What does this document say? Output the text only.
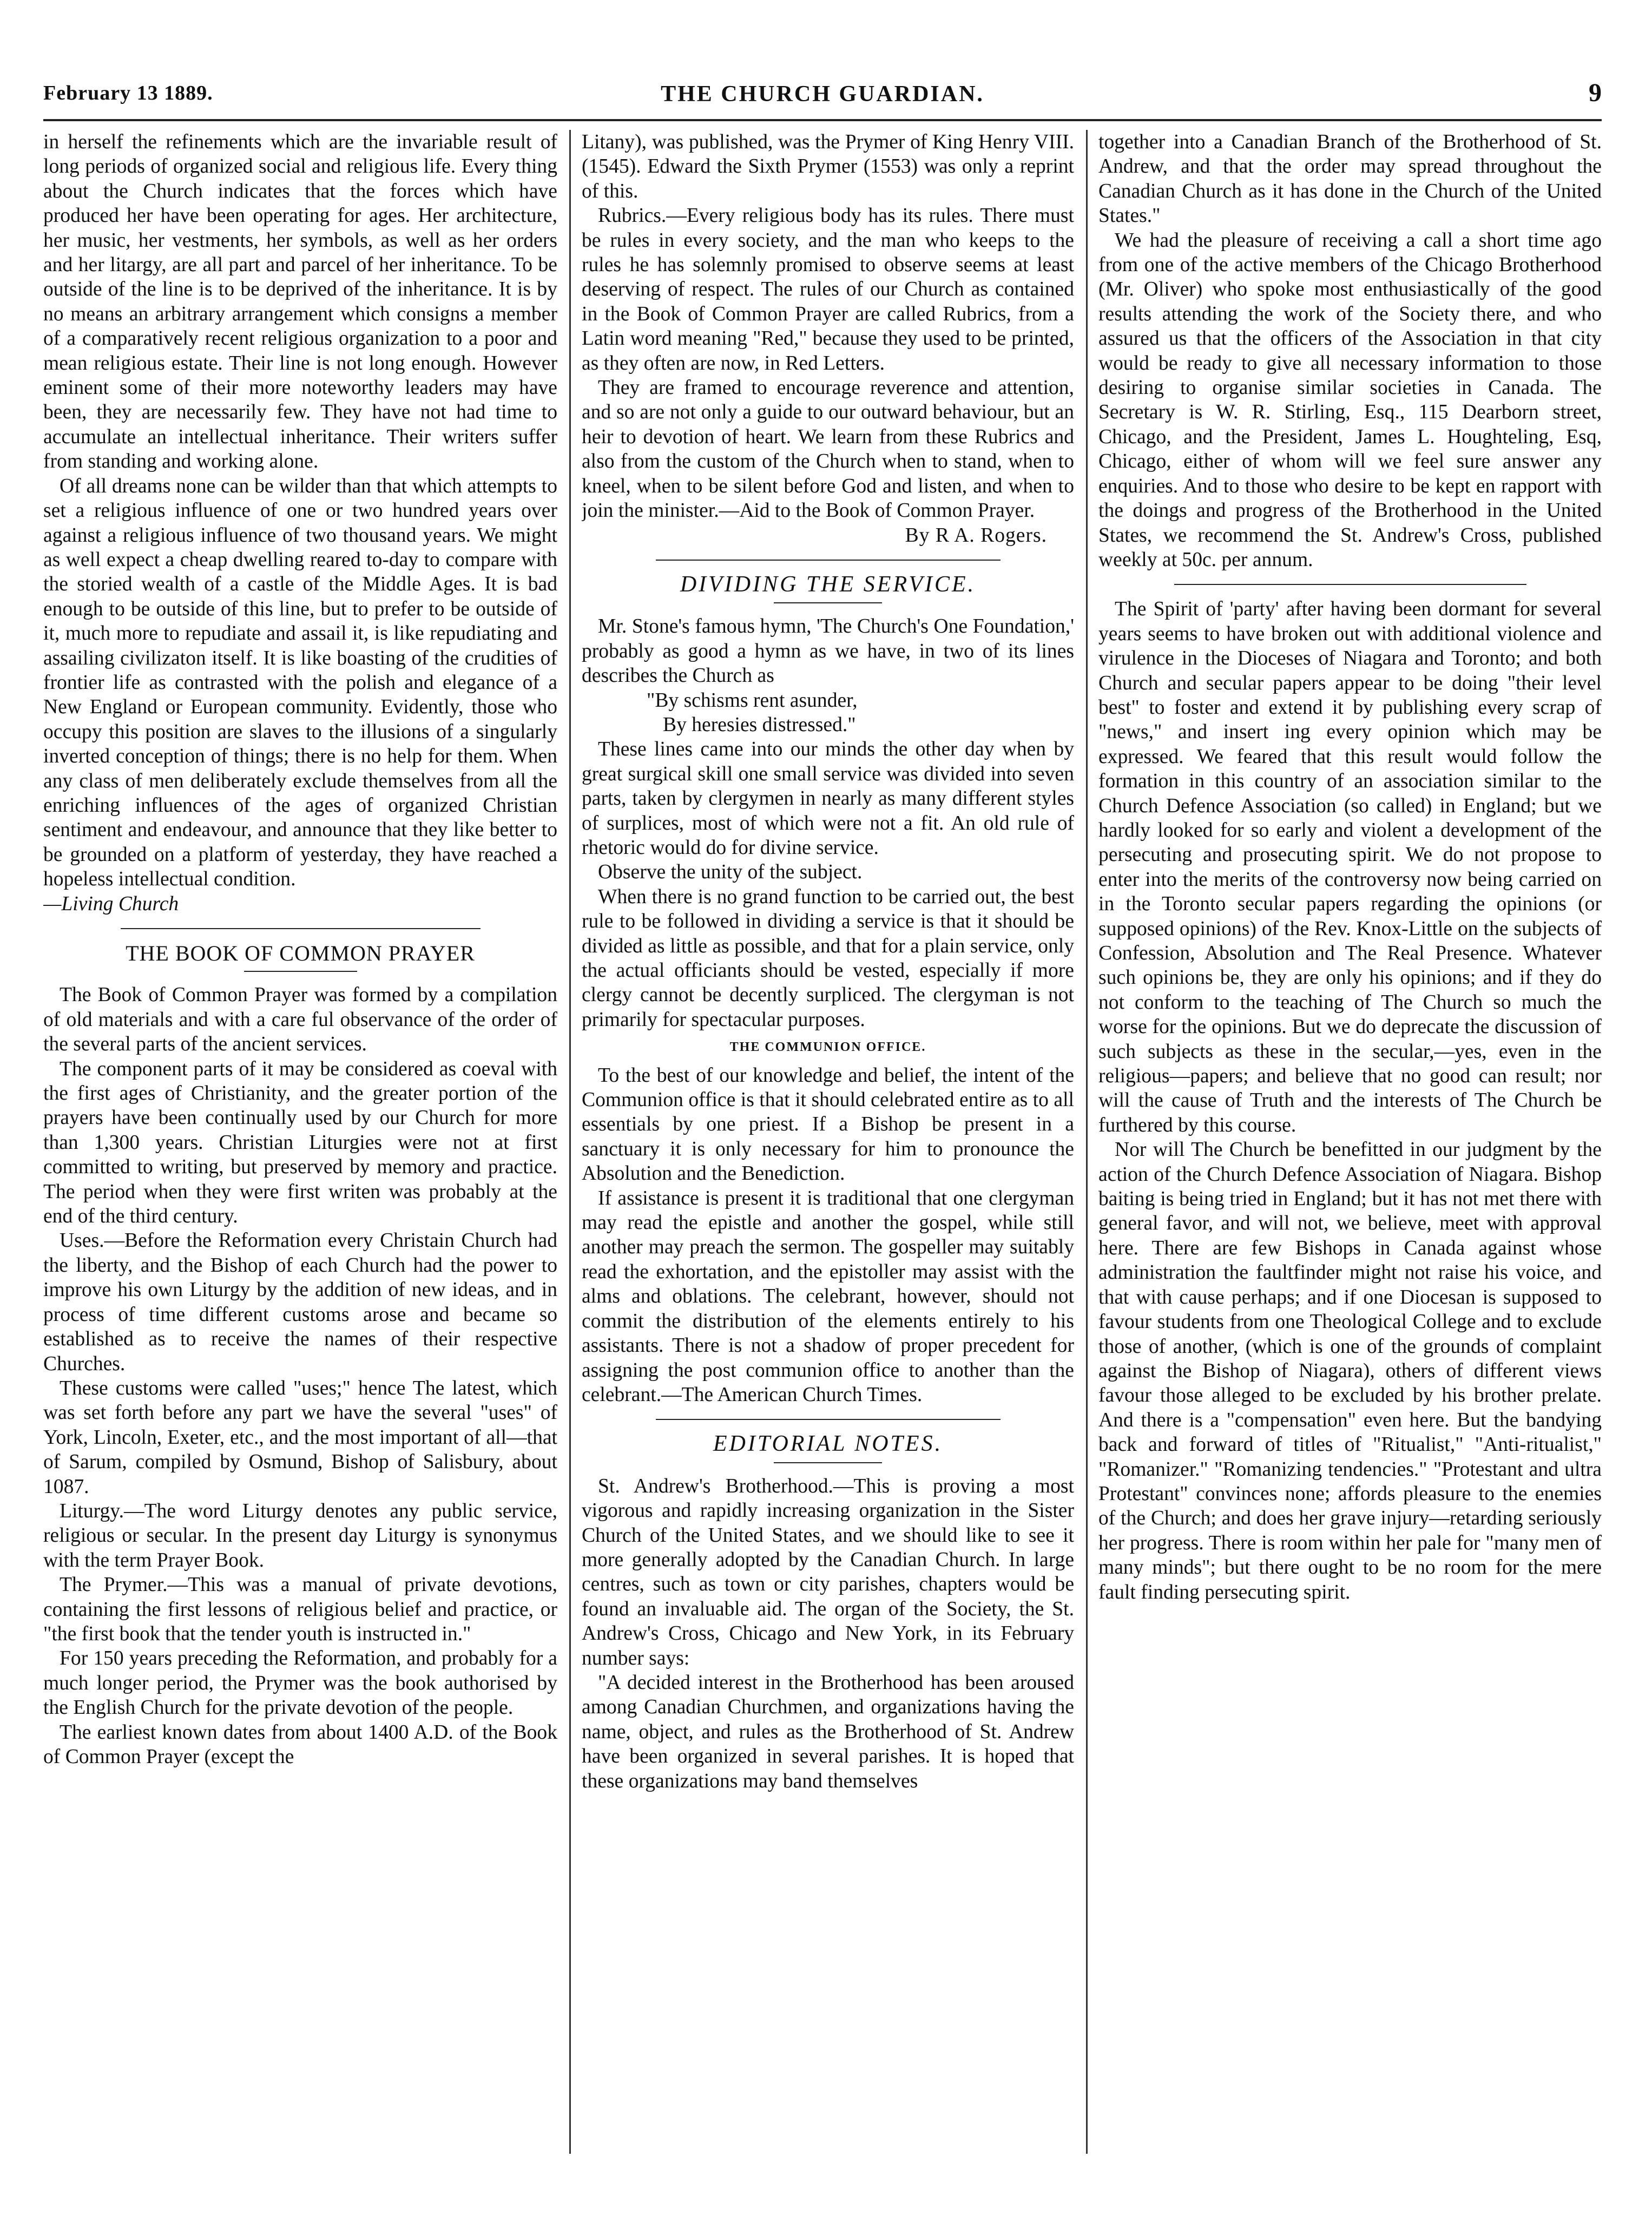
February 13 1889.	THE CHURCH GUARDIAN.	9

in herself the refinements which are the invariable result of long periods of organized social and religious life. Every thing about the Church indicates that the forces which have produced her have been operating for ages. Her architecture, her music, her vestments, her symbols, as well as her orders and her litargy, are all part and parcel of her inheritance. To be outside of the line is to be deprived of the inheritance. It is by no means an arbitrary arrangement which consigns a member of a comparatively recent religious organization to a poor and mean religious estate. Their line is not long enough. However eminent some of their more noteworthy leaders may have been, they are necessarily few. They have not had time to accumulate an intellectual inheritance. Their writers suffer from standing and working alone.

Of all dreams none can be wilder than that which attempts to set a religious influence of one or two hundred years over against a religious influence of two thousand years. We might as well expect a cheap dwelling reared to-day to compare with the storied wealth of a castle of the Middle Ages. It is bad enough to be outside of this line, but to prefer to be outside of it, much more to repudiate and assail it, is like repudiating and assailing civilizaton itself. It is like boasting of the crudities of frontier life as contrasted with the polish and elegance of a New England or European community. Evidently, those who occupy this position are slaves to the illusions of a singularly inverted conception of things; there is no help for them. When any class of men deliberately exclude themselves from all the enriching influences of the ages of organized Christian sentiment and endeavour, and announce that they like better to be grounded on a platform of yesterday, they have reached a hopeless intellectual condition.

—Living Church

THE BOOK OF COMMON PRAYER

The Book of Common Prayer was formed by a compilation of old materials and with a care ful observance of the order of the several parts of the ancient services.

The component parts of it may be considered as coeval with the first ages of Christianity, and the greater portion of the prayers have been continually used by our Church for more than 1,300 years. Christian Liturgies were not at first committed to writing, but preserved by memory and practice. The period when they were first writen was probably at the end of the third century.

Uses.—Before the Reformation every Christain Church had the liberty, and the Bishop of each Church had the power to improve his own Liturgy by the addition of new ideas, and in process of time different customs arose and became so established as to receive the names of their respective Churches.

These customs were called "uses;" hence The latest, which was set forth before any part we have the several "uses" of York, Lincoln, Exeter, etc., and the most important of all—that of Sarum, compiled by Osmund, Bishop of Salisbury, about 1087.

Liturgy.—The word Liturgy denotes any public service, religious or secular. In the present day Liturgy is synonymus with the term Prayer Book.

The Prymer.—This was a manual of private devotions, containing the first lessons of religious belief and practice, or "the first book that the tender youth is instructed in."

For 150 years preceding the Reformation, and probably for a much longer period, the Prymer was the book authorised by the English Church for the private devotion of the people.

The earliest known dates from about 1400 A.D. of the Book of Common Prayer (except the

Litany), was published, was the Prymer of King Henry VIII. (1545). Edward the Sixth Prymer (1553) was only a reprint of this.

Rubrics.—Every religious body has its rules. There must be rules in every society, and the man who keeps to the rules he has solemnly promised to observe seems at least deserving of respect. The rules of our Church as contained in the Book of Common Prayer are called Rubrics, from a Latin word meaning "Red," because they used to be printed, as they often are now, in Red Letters.

They are framed to encourage reverence and attention, and so are not only a guide to our outward behaviour, but an heir to devotion of heart. We learn from these Rubrics and also from the custom of the Church when to stand, when to kneel, when to be silent before God and listen, and when to join the minister.—Aid to the Book of Common Prayer.

By R A. Rogers.

DIVIDING THE SERVICE.

Mr. Stone's famous hymn, 'The Church's One Foundation,' probably as good a hymn as we have, in two of its lines describes the Church as

"By schisms rent asunder,

By heresies distressed."

These lines came into our minds the other day when by great surgical skill one small service was divided into seven parts, taken by clergymen in nearly as many different styles of surplices, most of which were not a fit. An old rule of rhetoric would do for divine service.

Observe the unity of the subject.

When there is no grand function to be carried out, the best rule to be followed in dividing a service is that it should be divided as little as possible, and that for a plain service, only the actual officiants should be vested, especially if more clergy cannot be decently surpliced. The clergyman is not primarily for spectacular purposes.

THE COMMUNION OFFICE.

To the best of our knowledge and belief, the intent of the Communion office is that it should celebrated entire as to all essentials by one priest. If a Bishop be present in a sanctuary it is only necessary for him to pronounce the Absolution and the Benediction.

If assistance is present it is traditional that one clergyman may read the epistle and another the gospel, while still another may preach the sermon. The gospeller may suitably read the exhortation, and the epistoller may assist with the alms and oblations. The celebrant, however, should not commit the distribution of the elements entirely to his assistants. There is not a shadow of proper precedent for assigning the post communion office to another than the celebrant.—The American Church Times.

EDITORIAL NOTES.

St. Andrew's Brotherhood.—This is proving a most vigorous and rapidly increasing organization in the Sister Church of the United States, and we should like to see it more generally adopted by the Canadian Church. In large centres, such as town or city parishes, chapters would be found an invaluable aid. The organ of the Society, the St. Andrew's Cross, Chicago and New York, in its February number says:

"A decided interest in the Brotherhood has been aroused among Canadian Churchmen, and organizations having the name, object, and rules as the Brotherhood of St. Andrew have been organized in several parishes. It is hoped that these organizations may band themselves

together into a Canadian Branch of the Brotherhood of St. Andrew, and that the order may spread throughout the Canadian Church as it has done in the Church of the United States."

We had the pleasure of receiving a call a short time ago from one of the active members of the Chicago Brotherhood (Mr. Oliver) who spoke most enthusiastically of the good results attending the work of the Society there, and who assured us that the officers of the Association in that city would be ready to give all necessary information to those desiring to organise similar societies in Canada. The Secretary is W. R. Stirling, Esq., 115 Dearborn street, Chicago, and the President, James L. Houghteling, Esq, Chicago, either of whom will we feel sure answer any enquiries. And to those who desire to be kept en rapport with the doings and progress of the Brotherhood in the United States, we recommend the St. Andrew's Cross, published weekly at 50c. per annum.

The Spirit of 'party' after having been dormant for several years seems to have broken out with additional violence and virulence in the Dioceses of Niagara and Toronto; and both Church and secular papers appear to be doing "their level best" to foster and extend it by publishing every scrap of "news," and insert ing every opinion which may be expressed. We feared that this result would follow the formation in this country of an association similar to the Church Defence Association (so called) in England; but we hardly looked for so early and violent a development of the persecuting and prosecuting spirit. We do not propose to enter into the merits of the controversy now being carried on in the Toronto secular papers regarding the opinions (or supposed opinions) of the Rev. Knox-Little on the subjects of Confession, Absolution and The Real Presence. Whatever such opinions be, they are only his opinions; and if they do not conform to the teaching of The Church so much the worse for the opinions. But we do deprecate the discussion of such subjects as these in the secular,—yes, even in the religious—papers; and believe that no good can result; nor will the cause of Truth and the interests of The Church be furthered by this course.

Nor will The Church be benefitted in our judgment by the action of the Church Defence Association of Niagara. Bishop baiting is being tried in England; but it has not met there with general favor, and will not, we believe, meet with approval here. There are few Bishops in Canada against whose administration the faultfinder might not raise his voice, and that with cause perhaps; and if one Diocesan is supposed to favour students from one Theological College and to exclude those of another, (which is one of the grounds of complaint against the Bishop of Niagara), others of different views favour those alleged to be excluded by his brother prelate. And there is a "compensation" even here. But the bandying back and forward of titles of "Ritualist," "Anti-ritualist," "Romanizer." "Romanizing tendencies." "Protestant and ultra Protestant" convinces none; affords pleasure to the enemies of the Church; and does her grave injury—retarding seriously her progress. There is room within her pale for "many men of many minds"; but there ought to be no room for the mere fault finding persecuting spirit.
